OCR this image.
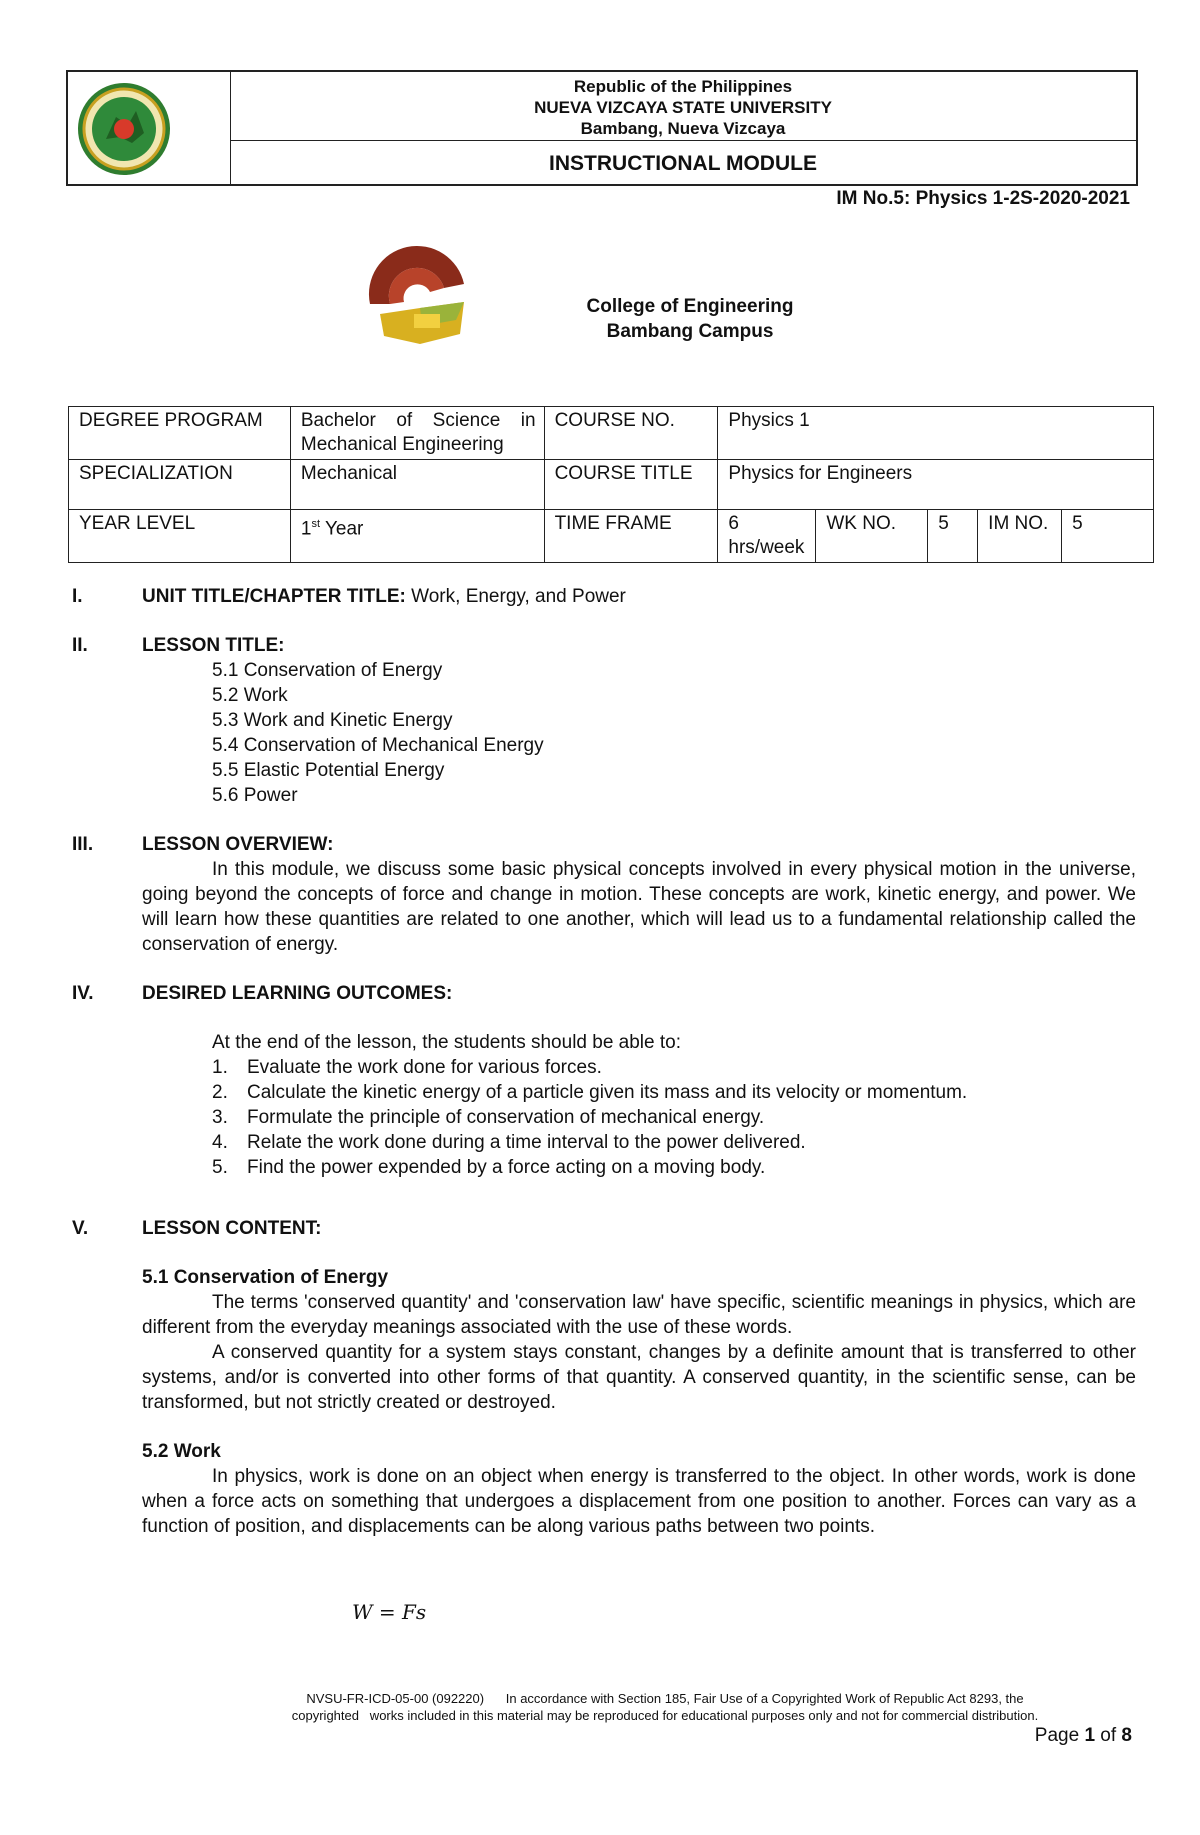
Republic of the Philippines
NUEVA VIZCAYA STATE UNIVERSITY
Bambang, Nueva Vizcaya
INSTRUCTIONAL MODULE
IM No.5: Physics 1-2S-2020-2021
College of Engineering
Bambang Campus
DEGREE PROGRAM	Bachelor of Science in Mechanical Engineering	COURSE NO.	Physics 1				
SPECIALIZATION	Mechanical	COURSE TITLE	Physics for Engineers				
YEAR LEVEL	1st Year	TIME FRAME	6 hrs/week	WK NO.	5	IM NO.	5
I.	UNIT TITLE/CHAPTER TITLE: Work, Energy, and Power
II.	LESSON TITLE:
5.1 Conservation of Energy
5.2 Work
5.3 Work and Kinetic Energy
5.4 Conservation of Mechanical Energy
5.5 Elastic Potential Energy
5.6 Power
III.	LESSON OVERVIEW:
In this module, we discuss some basic physical concepts involved in every physical motion in the universe, going beyond the concepts of force and change in motion. These concepts are work, kinetic energy, and power. We will learn how these quantities are related to one another, which will lead us to a fundamental relationship called the conservation of energy.
IV.	DESIRED LEARNING OUTCOMES:
At the end of the lesson, the students should be able to:
1. Evaluate the work done for various forces.
2. Calculate the kinetic energy of a particle given its mass and its velocity or momentum.
3. Formulate the principle of conservation of mechanical energy.
4. Relate the work done during a time interval to the power delivered.
5. Find the power expended by a force acting on a moving body.
V.	LESSON CONTENT:
5.1 Conservation of Energy
The terms 'conserved quantity' and 'conservation law' have specific, scientific meanings in physics, which are different from the everyday meanings associated with the use of these words.
A conserved quantity for a system stays constant, changes by a definite amount that is transferred to other systems, and/or is converted into other forms of that quantity. A conserved quantity, in the scientific sense, can be transformed, but not strictly created or destroyed.
5.2 Work
In physics, work is done on an object when energy is transferred to the object. In other words, work is done when a force acts on something that undergoes a displacement from one position to another. Forces can vary as a function of position, and displacements can be along various paths between two points.
W = Fs
NVSU-FR-ICD-05-00 (092220)      In accordance with Section 185, Fair Use of a Copyrighted Work of Republic Act 8293, the
copyrighted   works included in this material may be reproduced for educational purposes only and not for commercial distribution.
Page 1 of 8
